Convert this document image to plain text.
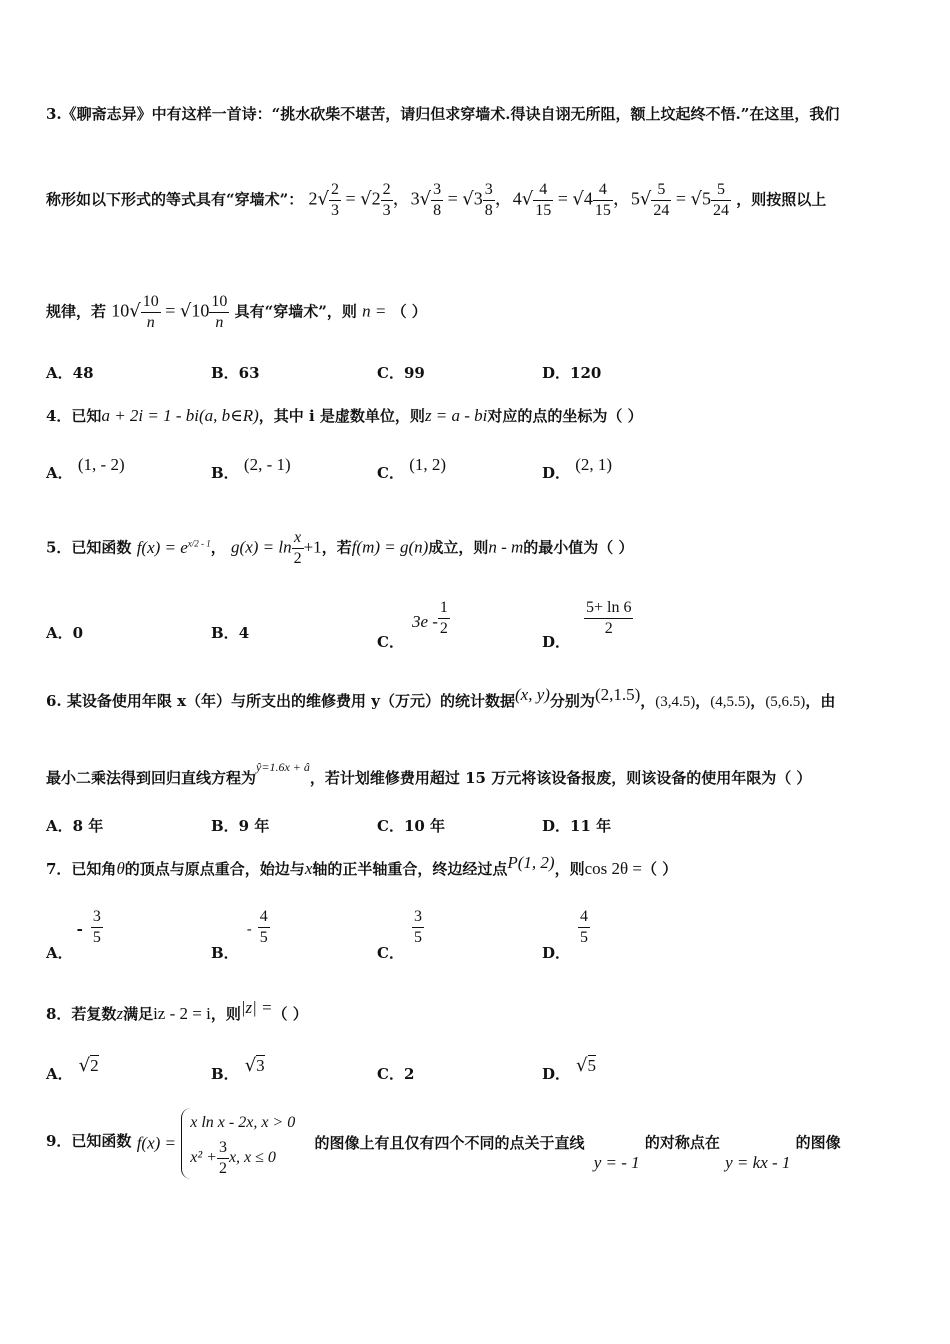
3.《聊斋志异》中有这样一首诗：“挑水砍柴不堪苦，请归但求穿墙术.得诀自诩无所阻，额上坟起终不悟.”在这里，我们
称形如以下形式的等式具有“穿墙术”： $2√ \frac{2}{3} = √2 \frac{2}{3}$ ，$3√ \frac{3}{8} = √3 \frac{3}{8}$ ，$4√ \frac{4}{15} = √4 \frac{4}{15}$ ，$5√ \frac{5}{24} = √5 \frac{5}{24}$ ，则按照以上
规律，若 $10√ \frac{10}{n} = √10 \frac{10}{n}$ 具有“穿墙术”，则 n = （ ）
A．48	B．63	C．99	D．120
4．已知a + 2i = 1 - bi(a, b∈R)，其中 i 是虚数单位，则z = a - bi对应的点的坐标为（ ）
A． (1, - 2)	B． (2, - 1)	C． (1, 2)	D． (2, 1)
5．已知函数 $f(x) = e^{x/2 - 1}$， $g(x) = \ln \frac{x}{2} +1$，若f(m) = g(n)成立，则n - m的最小值为（ ）
A．0	B．4	C．$3e - \frac{1}{2}$
D．
$\frac{5+ \ln 6}{2}$
6. 某设备使用年限 x（年）与所支出的维修费用 y（万元）的统计数据(x, y)分别为(2,1.5)，(3,4.5)，(4,5.5)，(5,6.5)，由
最小二乘法得到回归直线方程为$^{ŷ=1.6x + â}$，若计划维修费用超过 15 万元将该设备报废，则该设备的使用年限为（ ）
A．8 年	B．9 年	C．10 年	D．11 年
7．已知角θ的顶点与原点重合，始边与x轴的正半轴重合，终边经过点P(1, 2)，则cos 2θ =（ ）
A．- $\frac{3}{5}$
B．- $\frac{4}{5}$
C．
$\frac{3}{5}$
D．
$\frac{4}{5}$
8．若复数z满足iz - 2 = i，则|z| =（ ）
A． √2	B． √3	C．2	D． √5
9．已知函数 f(x) =
x ln x - 2x, x > 0
$x^2 + \frac{3}{2} x$, x ≤ 0
的图像上有且仅有四个不同的点关于直线 y = - 1 的对称点在 y = kx - 1 的图像
